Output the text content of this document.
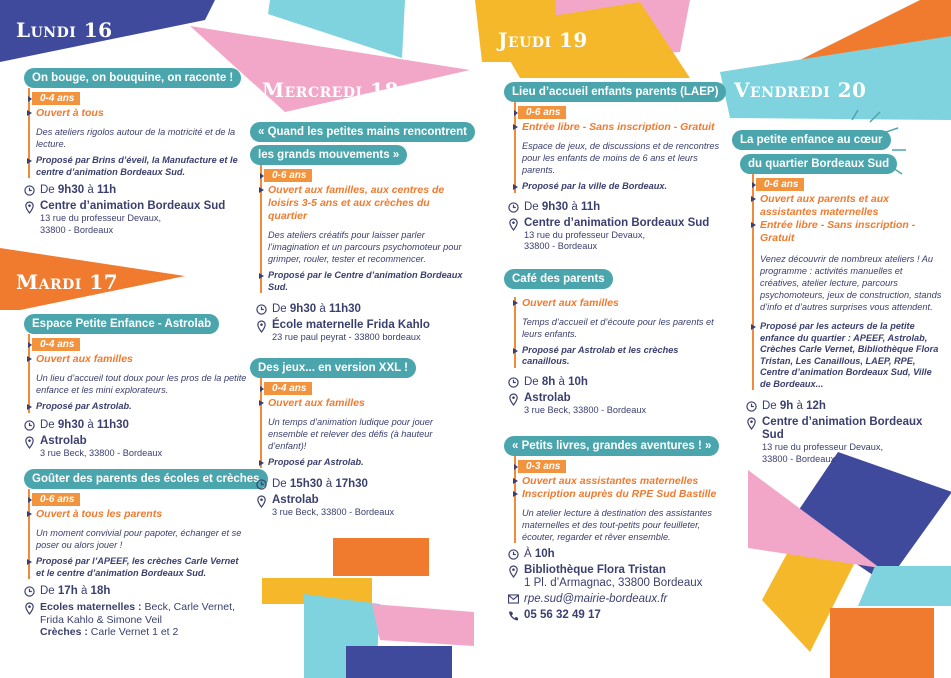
Lundi 16
Mardi 17
Mercredi 18
Jeudi 19
Vendredi 20
On bouge, on bouquine, on raconte !
0-4 ans
Ouvert à tous
Des ateliers rigolos autour de la motricité et de la lecture.
Proposé par Brins d’éveil, la Manufacture et le centre d’animation Bordeaux Sud.
De 9h30 à 11h
Centre d’animation Bordeaux Sud
13 rue du professeur Devaux,
33800 - Bordeaux
Espace Petite Enfance - Astrolab
0-4 ans
Ouvert aux familles
Un lieu d’accueil tout doux pour les pros de la petite enfance et les mini explorateurs.
Proposé par Astrolab.
De 9h30 à 11h30
Astrolab
3 rue Beck, 33800 - Bordeaux
Goûter des parents des écoles et crèches
0-6 ans
Ouvert à tous les parents
Un moment convivial pour papoter, échanger et se poser ou alors jouer !
Proposé par l’APEEF, les crèches Carle Vernet et le centre d’animation Bordeaux Sud.
De 17h à 18h
Ecoles maternelles : Beck, Carle Vernet, Frida Kahlo & Simone Veil
Crèches : Carle Vernet 1 et 2
« Quand les petites mains rencontrent
les grands mouvements »
0-6 ans
Ouvert aux familles, aux centres de loisirs 3-5 ans et aux crèches du quartier
Des ateliers créatifs pour laisser parler l’imagination et un parcours psychomoteur pour grimper, rouler, tester et recommencer.
Proposé par le Centre d’animation Bordeaux Sud.
De 9h30 à 11h30
École maternelle Frida Kahlo
23 rue paul peyrat - 33800 bordeaux
Des jeux... en version XXL !
0-4 ans
Ouvert aux familles
Un temps d’animation ludique pour jouer ensemble et relever des défis (à hauteur d’enfant)!
Proposé par Astrolab.
De 15h30 à 17h30
Astrolab
3 rue Beck, 33800 - Bordeaux
Lieu d’accueil enfants parents (LAEP)
0-6 ans
Entrée libre - Sans inscription - Gratuit
Espace de jeux, de discussions et de rencontres pour les enfants de moins de 6 ans et leurs parents.
Proposé par la ville de Bordeaux.
De 9h30 à 11h
Centre d’animation Bordeaux Sud
13 rue du professeur Devaux,
33800 - Bordeaux
Café des parents
Ouvert aux familles
Temps d’accueil et d’écoute pour les parents et leurs enfants.
Proposé par Astrolab et les crèches canaillous.
De 8h à 10h
Astrolab
3 rue Beck, 33800 - Bordeaux
« Petits livres, grandes aventures ! »
0-3 ans
Ouvert aux assistantes maternelles
Inscription auprès du RPE Sud Bastille
Un atelier lecture à destination des assistantes maternelles et des tout-petits pour feuilleter, écouter, regarder et rêver ensemble.
À 10h
Bibliothèque Flora Tristan
1 Pl. d’Armagnac, 33800 Bordeaux
rpe.sud@mairie-bordeaux.fr
05 56 32 49 17
La petite enfance au cœur
du quartier Bordeaux Sud
0-6 ans
Ouvert aux parents et aux assistantes maternelles
Entrée libre - Sans inscription - Gratuit
Venez découvrir de nombreux ateliers ! Au programme : activités manuelles et créatives, atelier lecture, parcours psychomoteurs, jeux de construction, stands d’info et d’autres surprises vous attendent.
Proposé par les acteurs de la petite enfance du quartier : APEEF, Astrolab, Crèches Carle Vernet, Bibliothèque Flora Tristan, Les Canaillous, LAEP, RPE, Centre d’animation Bordeaux Sud, Ville de Bordeaux...
De 9h à 12h
Centre d’animation Bordeaux Sud
13 rue du professeur Devaux,
33800 - Bordeaux
